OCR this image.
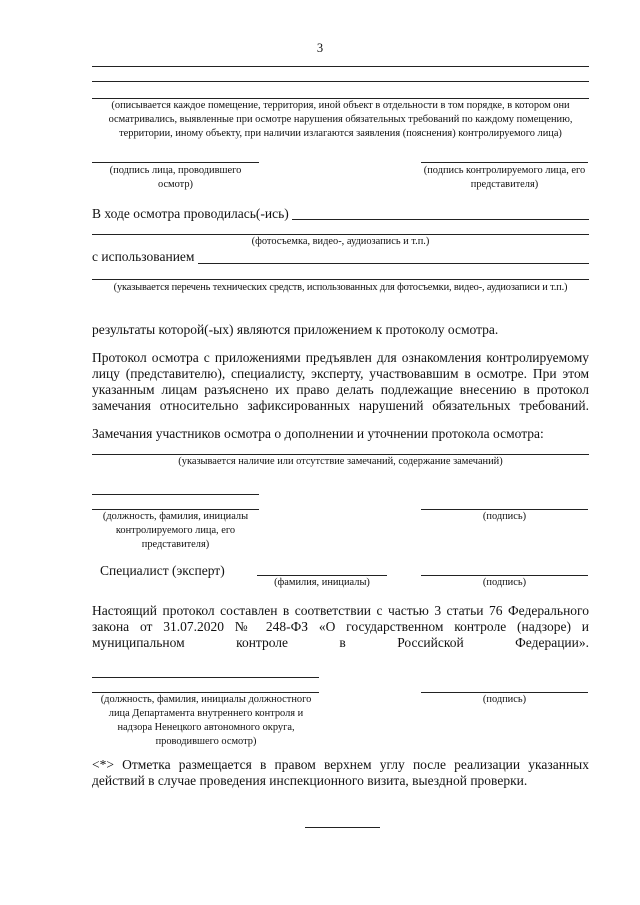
3
(описывается каждое помещение, территория, иной объект в отдельности в том порядке, в котором они осматривались, выявленные при осмотре нарушения обязательных требований по каждому помещению, территории, иному объекту, при наличии излагаются заявления (пояснения) контролируемого лица)
(подпись лица, проводившего осмотр)
(подпись контролируемого лица, его представителя)
В ходе осмотра проводилась(-ись)
(фотосъемка, видео-, аудиозапись и т.п.)
с использованием
(указывается перечень технических средств, использованных для фотосъемки, видео-, аудиозаписи и т.п.)
результаты которой(-ых) являются приложением к протоколу осмотра.
Протокол осмотра с приложениями предъявлен для ознакомления контролируемому лицу (представителю), специалисту, эксперту, участвовавшим в осмотре. При этом указанным лицам разъяснено их право делать подлежащие внесению в протокол замечания относительно зафиксированных нарушений обязательных требований.
Замечания участников осмотра о дополнении и уточнении протокола осмотра:
(указывается наличие или отсутствие замечаний, содержание замечаний)
(должность, фамилия, инициалы контролируемого лица, его представителя)
(подпись)
Специалист (эксперт)
(фамилия, инициалы)	(подпись)
Настоящий протокол составлен в соответствии с частью 3 статьи 76 Федерального закона от 31.07.2020 № 248-ФЗ «О государственном контроле (надзоре) и муниципальном контроле в Российской Федерации».
(должность, фамилия, инициалы должностного лица Департамента внутреннего контроля и надзора Ненецкого автономного округа, проводившего осмотр)
(подпись)
<*> Отметка размещается в правом верхнем углу после реализации указанных действий в случае проведения инспекционного визита, выездной проверки.
